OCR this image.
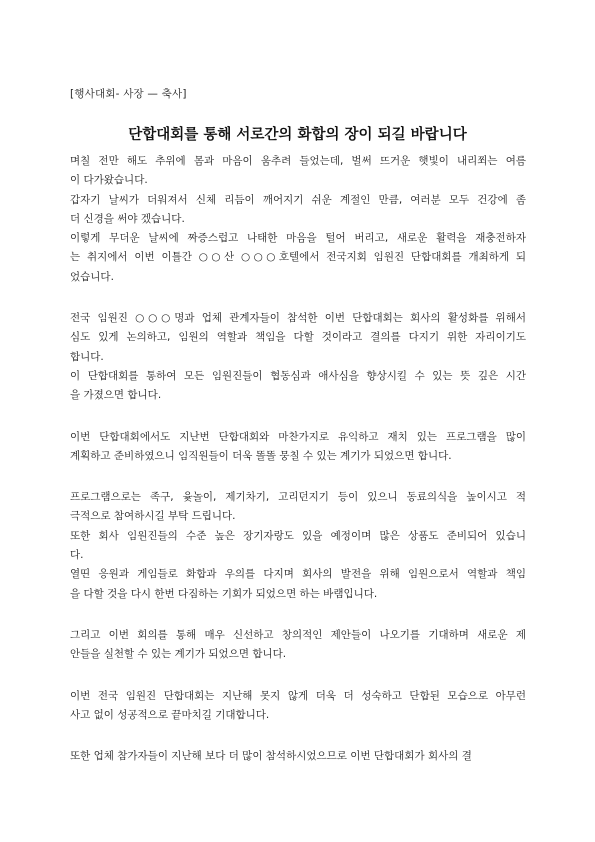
[행사대회- 사장 — 축사]
단합대회를 통해 서로간의 화합의 장이 되길 바랍니다
며칠 전만 해도 추위에 몸과 마음이 움추려 들었는데, 벌써 뜨거운 햇빛이 내리쬐는 여름
이 다가왔습니다.
갑자기 날씨가 더워져서 신체 리듬이 깨어지기 쉬운 계절인 만큼, 여러분 모두 건강에 좀
더 신경을 써야 겠습니다.
이렇게 무더운 날씨에 짜증스럽고 나태한 마음을 털어 버리고, 새로운 활력을 재충전하자
는 취지에서 이번 이틀간 ○○산 ○○○호텔에서 전국지회 임원진 단합대회를 개최하게 되
었습니다.
전국 임원진 ○○○명과 업체 관계자들이 참석한 이번 단합대회는 회사의 활성화를 위해서
심도 있게 논의하고, 임원의 역할과 책임을 다할 것이라고 결의를 다지기 위한 자리이기도
합니다.
이 단합대회를 통하여 모든 임원진들이 협동심과 애사심을 향상시킬 수 있는 뜻 깊은 시간
을 가졌으면 합니다.
이번 단합대회에서도 지난번 단합대회와 마찬가지로 유익하고 재치 있는 프로그램을 많이
계획하고 준비하였으니 임직원들이 더욱 똘똘 뭉칠 수 있는 계기가 되었으면 합니다.
프로그램으로는 족구, 윷놀이, 제기차기, 고리던지기 등이 있으니 동료의식을 높이시고 적
극적으로 참여하시길 부탁 드립니다.
또한 회사 임원진들의 수준 높은 장기자랑도 있을 예정이며 많은 상품도 준비되어 있습니
다.
열띤 응원과 게임들로 화합과 우의를 다지며 회사의 발전을 위해 임원으로서 역할과 책임
을 다할 것을 다시 한번 다짐하는 기회가 되었으면 하는 바램입니다.
그리고 이번 회의를 통해 매우 신선하고 창의적인 제안들이 나오기를 기대하며 새로운 제
안들을 실천할 수 있는 계기가 되었으면 합니다.
이번 전국 임원진 단합대회는 지난해 못지 않게 더욱 더 성숙하고 단합된 모습으로 아무런
사고 없이 성공적으로 끝마치길 기대합니다.
또한 업체 참가자들이 지난해 보다 더 많이 참석하시었으므로 이번 단합대회가 회사의 결
